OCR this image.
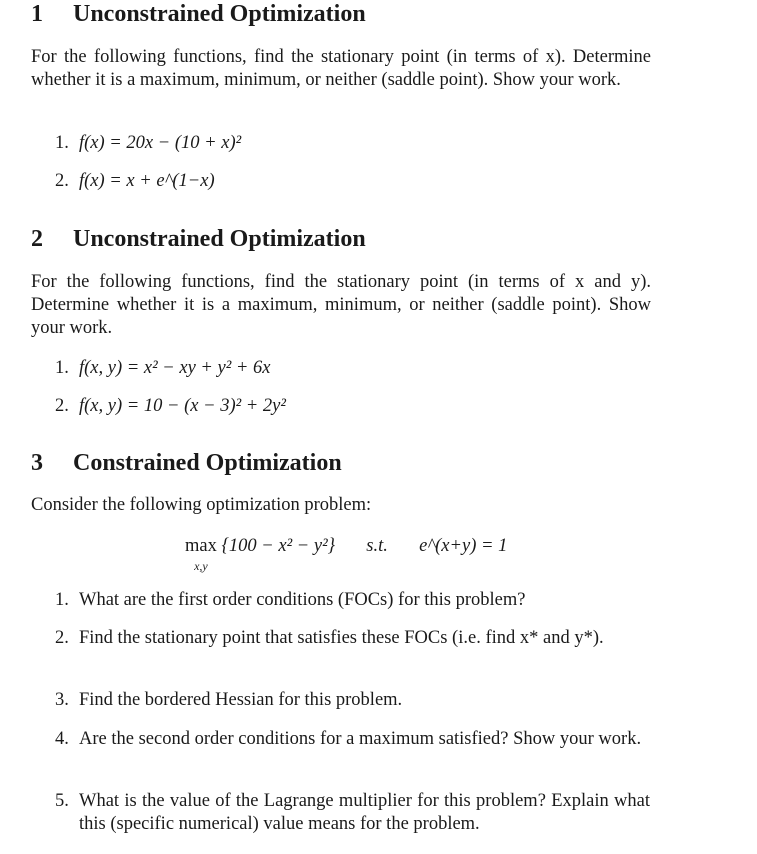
1 Unconstrained Optimization

For the following functions, find the stationary point (in terms of x). Determine whether it is a maximum, minimum, or neither (saddle point). Show your work.

1. f(x) = 20x − (10 + x)²
2. f(x) = x + e^(1−x)
2 Unconstrained Optimization

For the following functions, find the stationary point (in terms of x and y). Determine whether it is a maximum, minimum, or neither (saddle point). Show your work.

1. f(x, y) = x² − xy + y² + 6x
2. f(x, y) = 10 − (x − 3)² + 2y²
3 Constrained Optimization

Consider the following optimization problem:

max
x,y
{100 − x² − y²} s.t. e^(x+y) = 1
1. What are the first order conditions (FOCs) for this problem?
2. Find the stationary point that satisfies these FOCs (i.e. find x* and y*).
3. Find the bordered Hessian for this problem.
4. Are the second order conditions for a maximum satisfied? Show your work.
5. What is the value of the Lagrange multiplier for this problem? Explain what this (specific numerical) value means for the problem.
